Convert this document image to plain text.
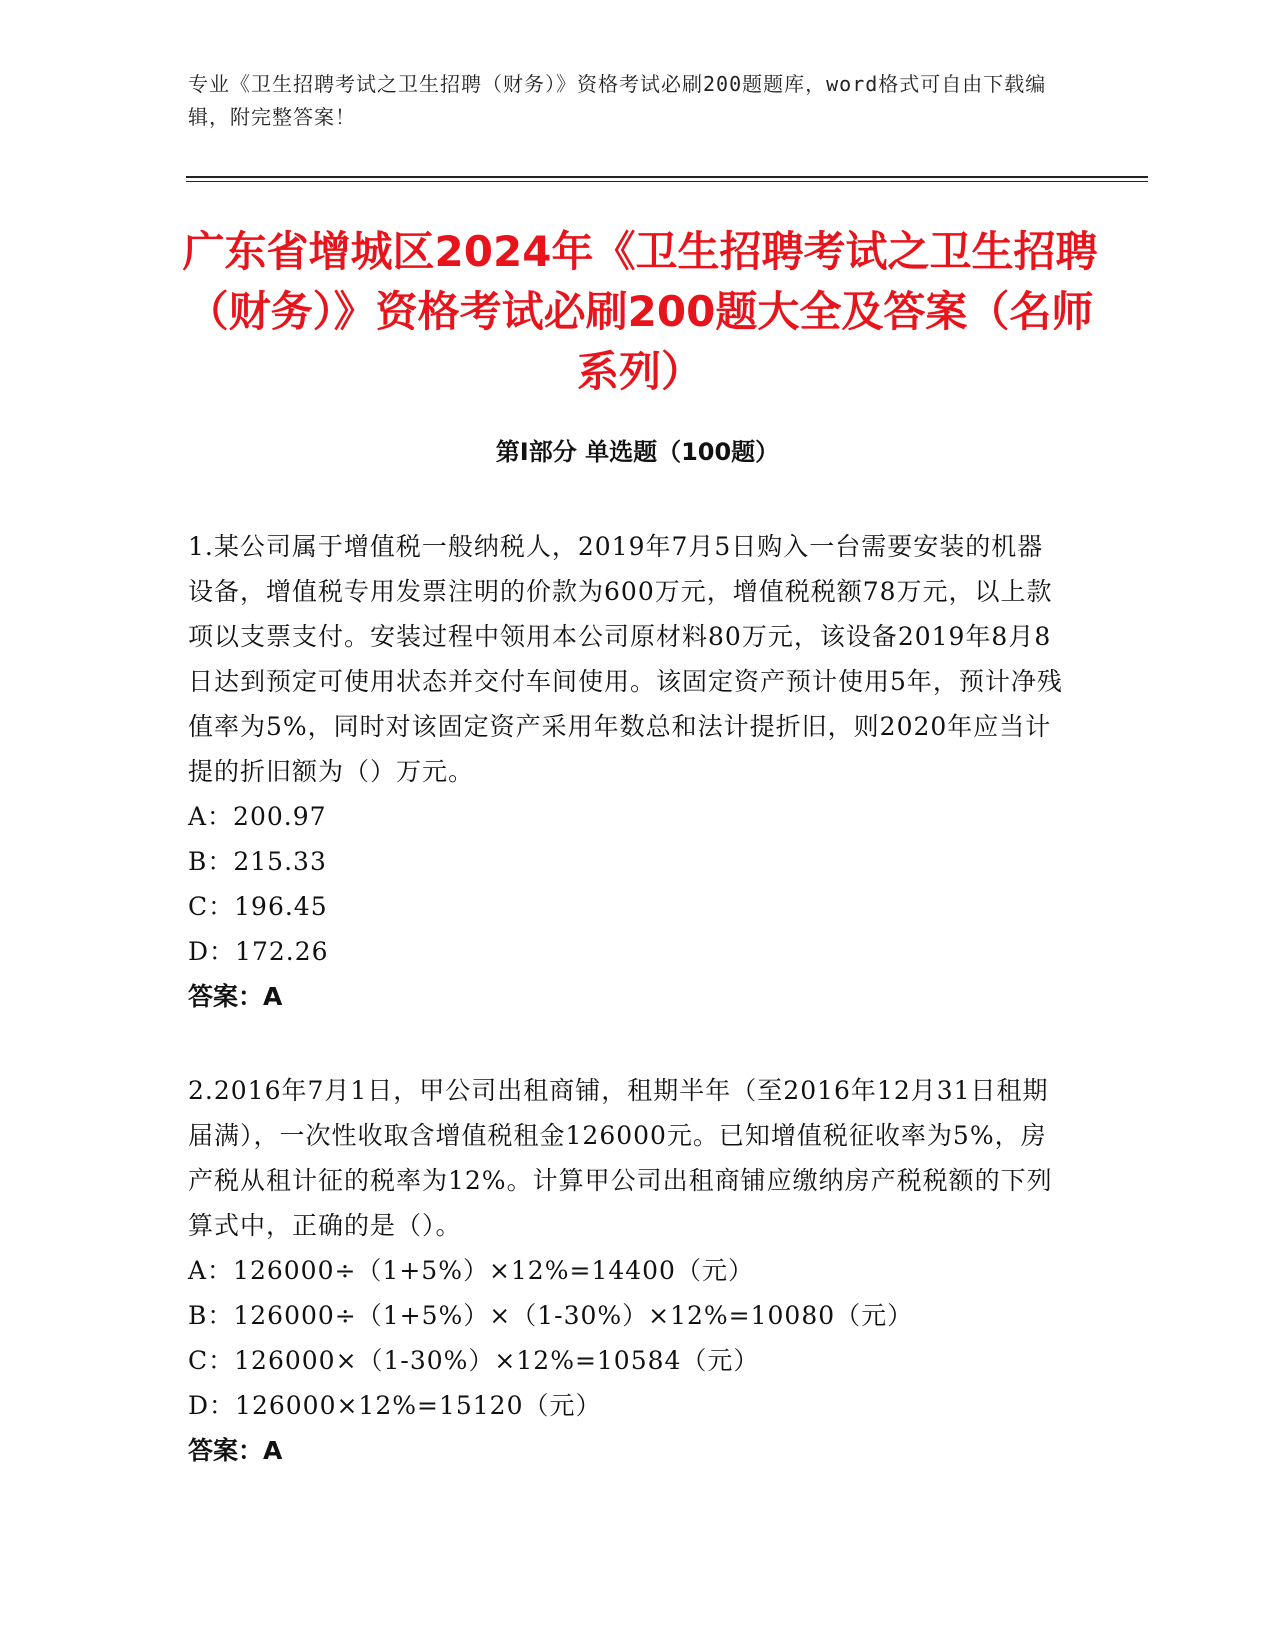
专业《卫生招聘考试之卫生招聘（财务）》资格考试必刷200题题库，word格式可自由下载编辑，附完整答案！
广东省增城区2024年《卫生招聘考试之卫生招聘（财务）》资格考试必刷200题大全及答案（名师系列）
第I部分 单选题（100题）

1.某公司属于增值税一般纳税人，2019年7月5日购入一台需要安装的机器设备，增值税专用发票注明的价款为600万元，增值税税额78万元，以上款项以支票支付。安装过程中领用本公司原材料80万元，该设备2019年8月8日达到预定可使用状态并交付车间使用。该固定资产预计使用5年，预计净残值率为5%，同时对该固定资产采用年数总和法计提折旧，则2020年应当计提的折旧额为（）万元。

A：200.97

B：215.33

C：196.45

D：172.26

答案：A

2.2016年7月1日，甲公司出租商铺，租期半年（至2016年12月31日租期届满），一次性收取含增值税租金126000元。已知增值税征收率为5%，房产税从租计征的税率为12%。计算甲公司出租商铺应缴纳房产税税额的下列算式中，正确的是（）。

A：126000÷（1+5%）×12%=14400（元）

B：126000÷（1+5%）×（1-30%）×12%=10080（元）

C：126000×（1-30%）×12%=10584（元）

D：126000×12%=15120（元）

答案：A
